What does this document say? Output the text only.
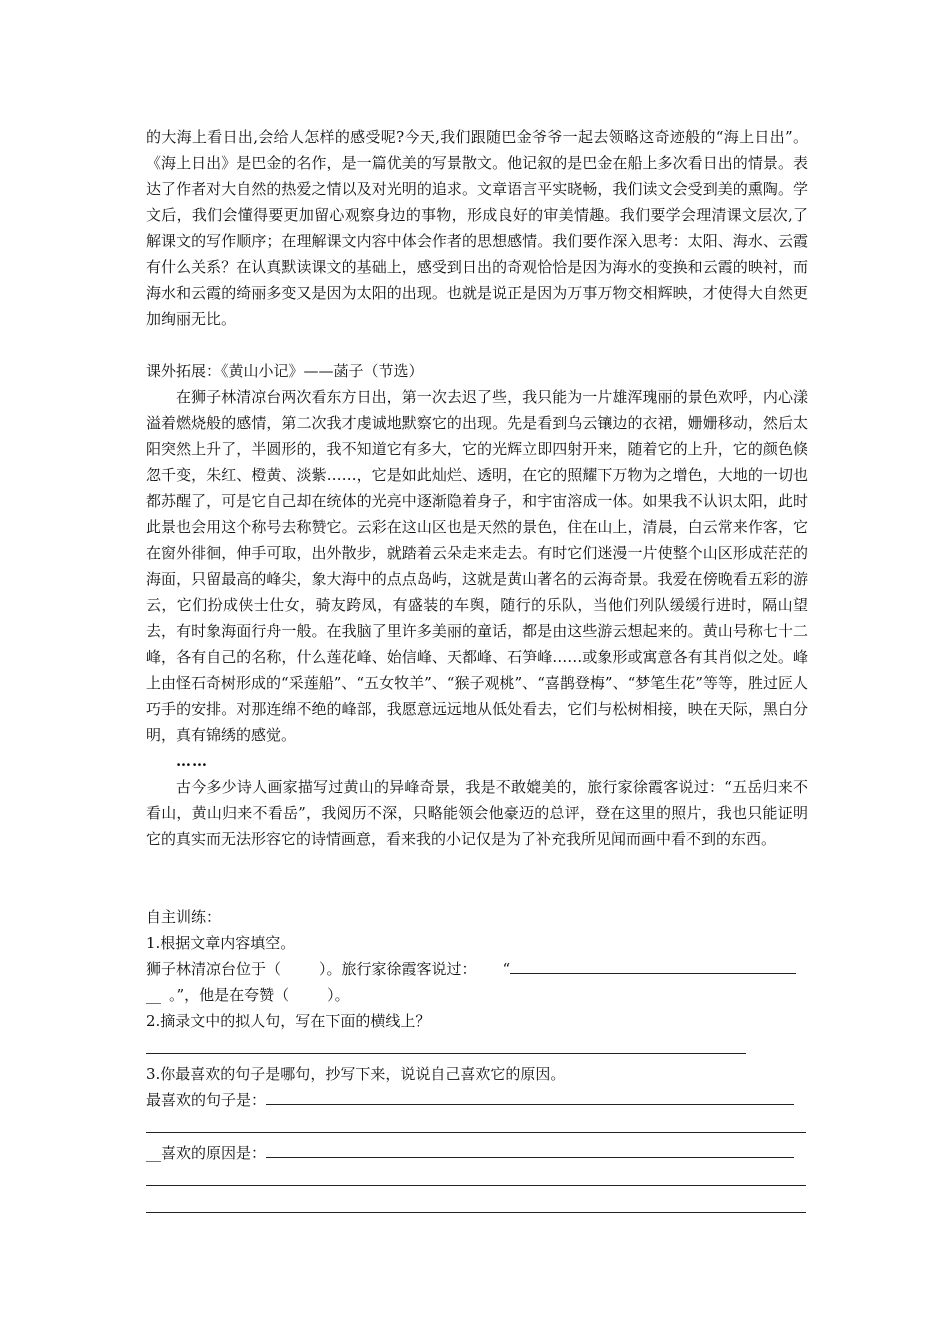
的大海上看日出,会给人怎样的感受呢?今天,我们跟随巴金爷爷一起去领略这奇迹般的“海上日出”。《海上日出》是巴金的名作，是一篇优美的写景散文。他记叙的是巴金在船上多次看日出的情景。表达了作者对大自然的热爱之情以及对光明的追求。文章语言平实晓畅，我们读文会受到美的熏陶。学文后，我们会懂得要更加留心观察身边的事物，形成良好的审美情趣。我们要学会理清课文层次,了解课文的写作顺序；在理解课文内容中体会作者的思想感情。我们要作深入思考：太阳、海水、云霞有什么关系？在认真默读课文的基础上，感受到日出的奇观恰恰是因为海水的变换和云霞的映衬，而海水和云霞的绮丽多变又是因为太阳的出现。也就是说正是因为万事万物交相辉映，才使得大自然更加绚丽无比。

课外拓展：《黄山小记》——菡子（节选）

在狮子林清凉台两次看东方日出，第一次去迟了些，我只能为一片雄浑瑰丽的景色欢呼，内心漾溢着燃烧般的感情，第二次我才虔诚地默察它的出现。先是看到乌云镶边的衣裙，姗姗移动，然后太阳突然上升了，半圆形的，我不知道它有多大，它的光辉立即四射开来，随着它的上升，它的颜色倏忽千变，朱红、橙黄、淡紫……，它是如此灿烂、透明，在它的照耀下万物为之增色，大地的一切也都苏醒了，可是它自己却在统体的光亮中逐渐隐着身子，和宇宙溶成一体。如果我不认识太阳，此时此景也会用这个称号去称赞它。云彩在这山区也是天然的景色，住在山上，清晨，白云常来作客，它在窗外徘徊，伸手可取，出外散步，就踏着云朵走来走去。有时它们迷漫一片使整个山区形成茫茫的海面，只留最高的峰尖，象大海中的点点岛屿，这就是黄山著名的云海奇景。我爱在傍晚看五彩的游云，它们扮成侠士仕女，骑友跨凤，有盛装的车舆，随行的乐队，当他们列队缓缓行进时，隔山望去，有时象海面行舟一般。在我脑了里许多美丽的童话，都是由这些游云想起来的。黄山号称七十二峰，各有自己的名称，什么莲花峰、始信峰、天都峰、石笋峰……或象形或寓意各有其肖似之处。峰上由怪石奇树形成的“采莲船”、“五女牧羊”、“猴子观桃”、“喜鹊登梅”、“梦笔生花”等等，胜过匠人巧手的安排。对那连绵不绝的峰部，我愿意远远地从低处看去，它们与松树相接，映在天际，黑白分明，真有锦绣的感觉。

……

古今多少诗人画家描写过黄山的异峰奇景，我是不敢媲美的，旅行家徐霞客说过：“五岳归来不看山，黄山归来不看岳”，我阅历不深，只略能领会他豪迈的总评，登在这里的照片，我也只能证明它的真实而无法形容它的诗情画意，看来我的小记仅是为了补充我所见闻而画中看不到的东西。

自主训练：

1.根据文章内容填空。

狮子林清凉台位于（	）。旅行家徐霞客说过： “

__ 。”，他是在夸赞（	）。

2.摘录文中的拟人句，写在下面的横线上？

3.你最喜欢的句子是哪句，抄写下来，说说自己喜欢它的原因。

最喜欢的句子是：

__喜欢的原因是：
